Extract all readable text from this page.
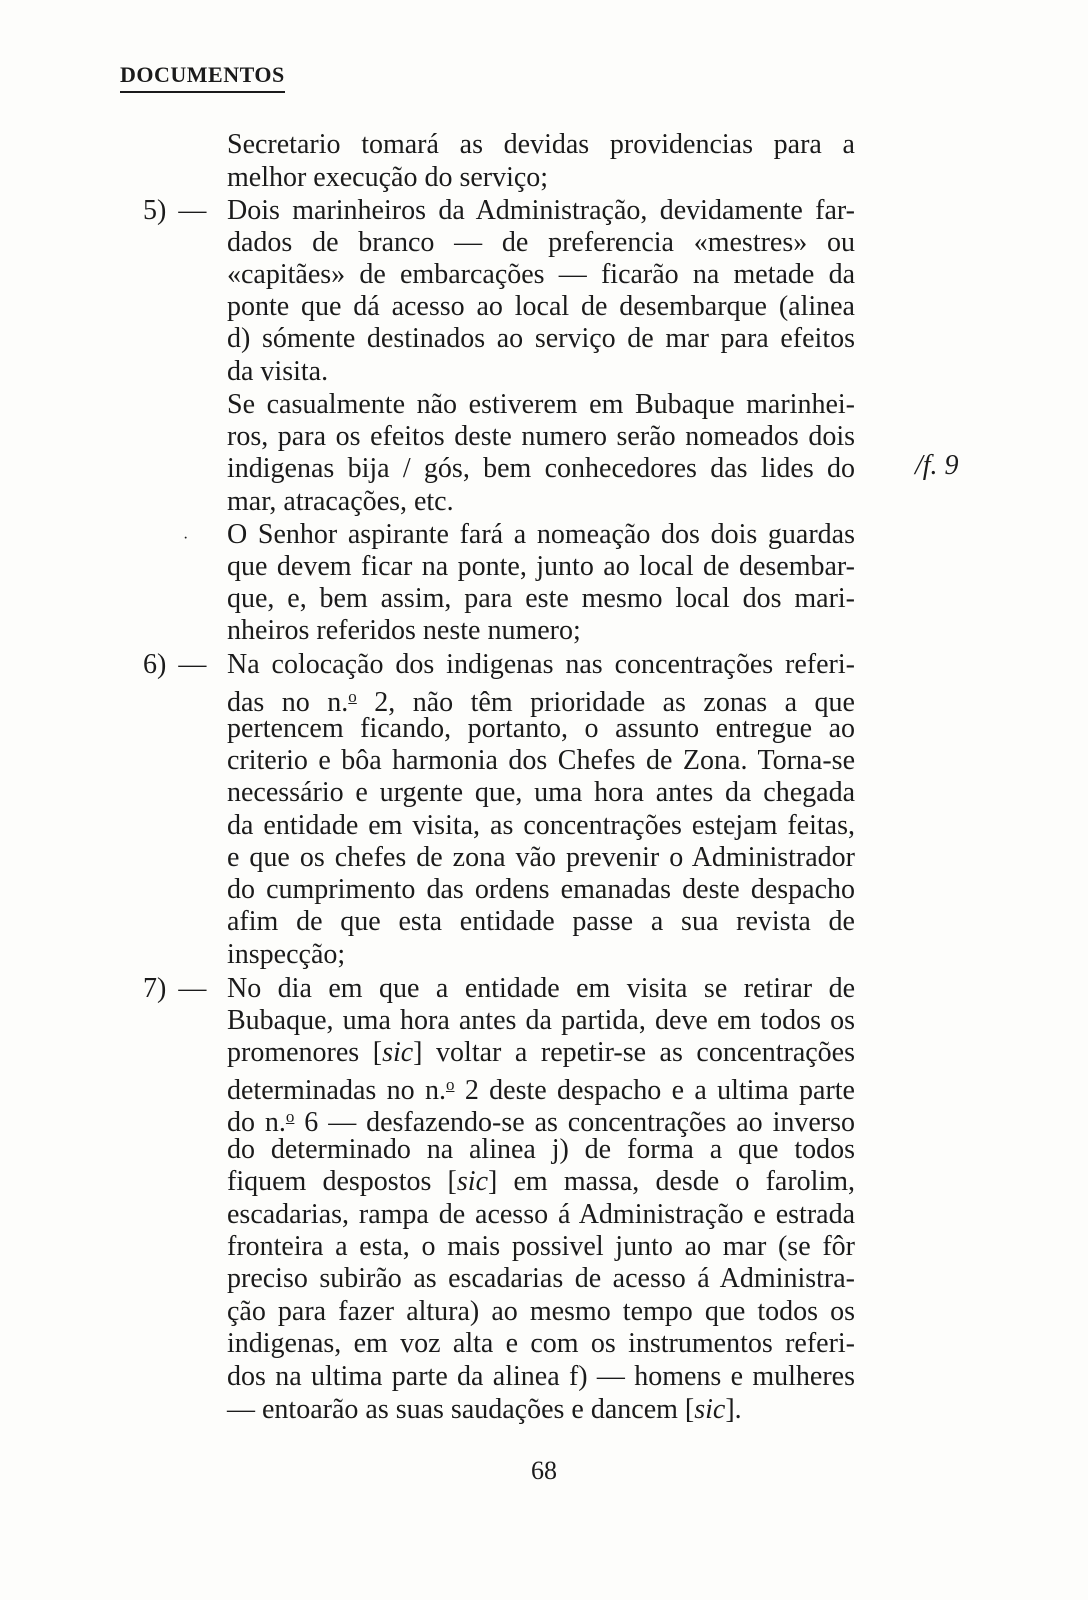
DOCUMENTOS
/f. 9
·
Secretario tomará as devidas providencias para a
melhor execução do serviço;
5) — Dois marinheiros da Administração, devidamente far-
dados de branco — de preferencia «mestres» ou
«capitães» de embarcações — ficarão na metade da
ponte que dá acesso ao local de desembarque (alinea
d) sómente destinados ao serviço de mar para efeitos
da visita.
Se casualmente não estiverem em Bubaque marinhei-
ros, para os efeitos deste numero serão nomeados dois
indigenas bija / gós, bem conhecedores das lides do
mar, atracações, etc.
O Senhor aspirante fará a nomeação dos dois guardas
que devem ficar na ponte, junto ao local de desembar-
que, e, bem assim, para este mesmo local dos mari-
nheiros referidos neste numero;
6) — Na colocação dos indigenas nas concentrações referi-
das no n.$^o$ 2, não têm prioridade as zonas a que
pertencem ficando, portanto, o assunto entregue ao
criterio e bôa harmonia dos Chefes de Zona. Torna-se
necessário e urgente que, uma hora antes da chegada
da entidade em visita, as concentrações estejam feitas,
e que os chefes de zona vão prevenir o Administrador
do cumprimento das ordens emanadas deste despacho
afim de que esta entidade passe a sua revista de
inspecção;
7) — No dia em que a entidade em visita se retirar de
Bubaque, uma hora antes da partida, deve em todos os
promenores [sic] voltar a repetir-se as concentrações
determinadas no n.$^o$ 2 deste despacho e a ultima parte
do n.$^o$ 6 — desfazendo-se as concentrações ao inverso
do determinado na alinea j) de forma a que todos
fiquem despostos [sic] em massa, desde o farolim,
escadarias, rampa de acesso á Administração e estrada
fronteira a esta, o mais possivel junto ao mar (se fôr
preciso subirão as escadarias de acesso á Administra-
ção para fazer altura) ao mesmo tempo que todos os
indigenas, em voz alta e com os instrumentos referi-
dos na ultima parte da alinea f) — homens e mulheres
— entoarão as suas saudações e dancem [sic].
68
